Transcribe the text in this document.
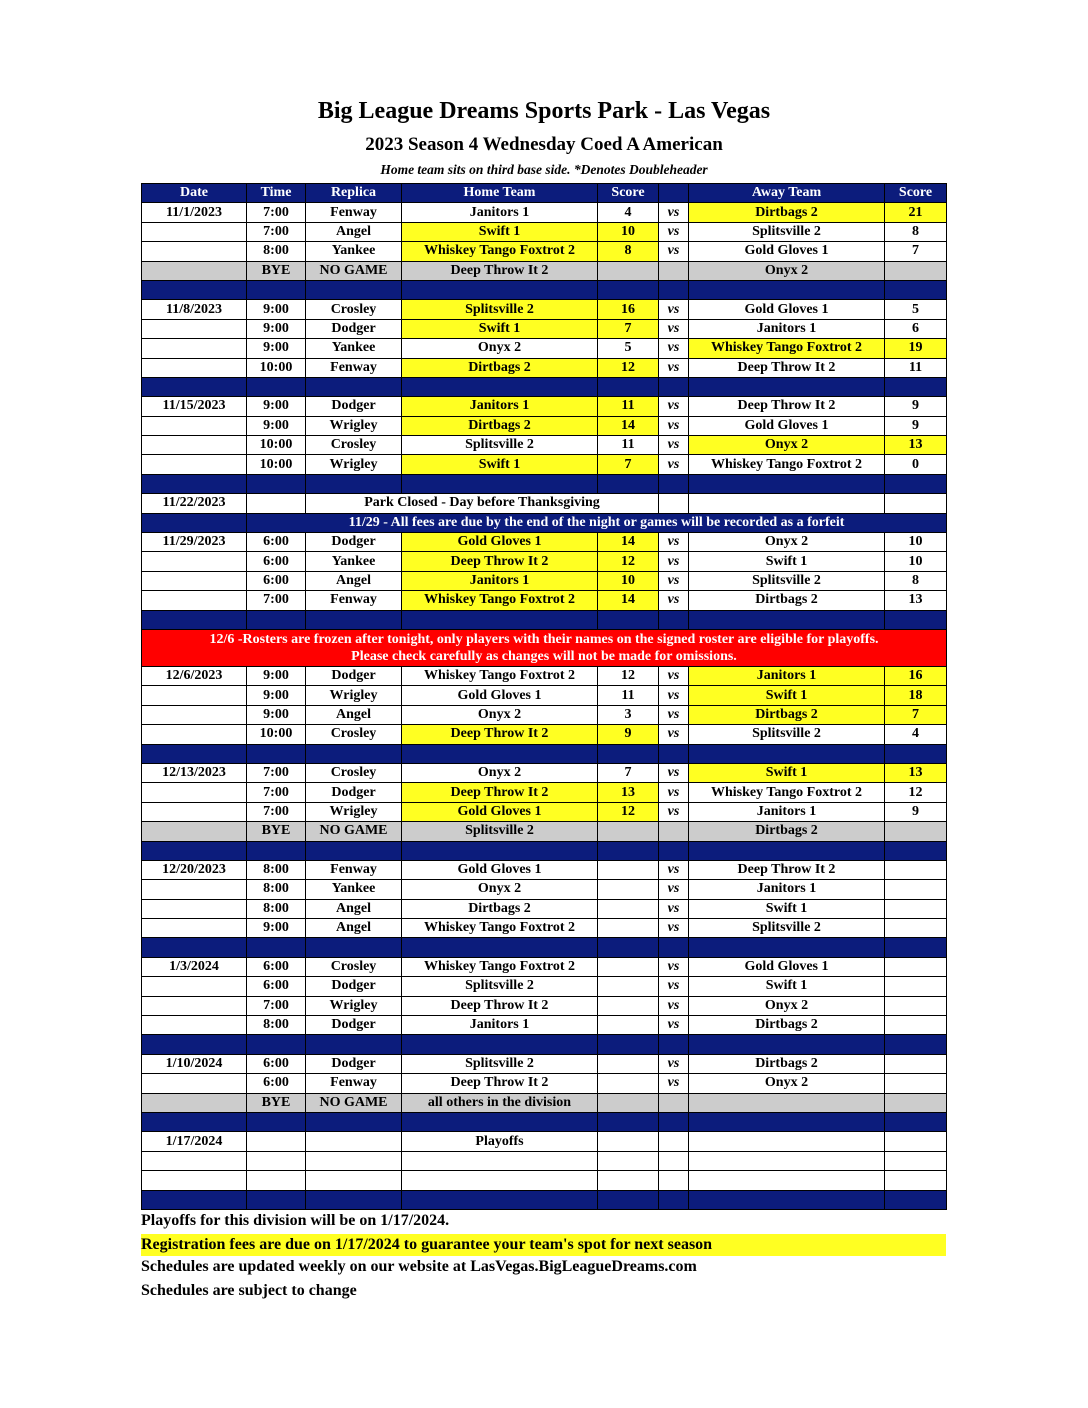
Big League Dreams Sports Park - Las Vegas
2023 Season 4 Wednesday Coed A American
Home team sits on third base side. *Denotes Doubleheader
Date	Time	Replica	Home Team	Score		Away Team	Score
11/1/2023	7:00	Fenway	Janitors 1	4	vs	Dirtbags 2	21
	7:00	Angel	Swift 1	10	vs	Splitsville 2	8
	8:00	Yankee	Whiskey Tango Foxtrot 2	8	vs	Gold Gloves 1	7
	BYE	NO GAME	Deep Throw It 2			Onyx 2	

11/8/2023	9:00	Crosley	Splitsville 2	16	vs	Gold Gloves 1	5
	9:00	Dodger	Swift 1	7	vs	Janitors 1	6
	9:00	Yankee	Onyx 2	5	vs	Whiskey Tango Foxtrot 2	19
	10:00	Fenway	Dirtbags 2	12	vs	Deep Throw It 2	11

11/15/2023	9:00	Dodger	Janitors 1	11	vs	Deep Throw It 2	9
	9:00	Wrigley	Dirtbags 2	14	vs	Gold Gloves 1	9
	10:00	Crosley	Splitsville 2	11	vs	Onyx 2	13
	10:00	Wrigley	Swift 1	7	vs	Whiskey Tango Foxtrot 2	0

11/22/2023		Park Closed - Day before Thanksgiving					
	11/29 - All fees are due by the end of the night or games will be recorded as a forfeit						
11/29/2023	6:00	Dodger	Gold Gloves 1	14	vs	Onyx 2	10
	6:00	Yankee	Deep Throw It 2	12	vs	Swift 1	10
	6:00	Angel	Janitors 1	10	vs	Splitsville 2	8
	7:00	Fenway	Whiskey Tango Foxtrot 2	14	vs	Dirtbags 2	13

12/6 -Rosters are frozen after tonight, only players with their names on the signed roster are eligible for playoffs.
Please check carefully as changes will not be made for omissions.							

12/6/2023	9:00	Dodger	Whiskey Tango Foxtrot 2	12	vs	Janitors 1	16
	9:00	Wrigley	Gold Gloves 1	11	vs	Swift 1	18
	9:00	Angel	Onyx 2	3	vs	Dirtbags 2	7
	10:00	Crosley	Deep Throw It 2	9	vs	Splitsville 2	4

12/13/2023	7:00	Crosley	Onyx 2	7	vs	Swift 1	13
	7:00	Dodger	Deep Throw It 2	13	vs	Whiskey Tango Foxtrot 2	12
	7:00	Wrigley	Gold Gloves 1	12	vs	Janitors 1	9
	BYE	NO GAME	Splitsville 2			Dirtbags 2	

12/20/2023	8:00	Fenway	Gold Gloves 1		vs	Deep Throw It 2	
	8:00	Yankee	Onyx 2		vs	Janitors 1	
	8:00	Angel	Dirtbags 2		vs	Swift 1	
	9:00	Angel	Whiskey Tango Foxtrot 2		vs	Splitsville 2	

1/3/2024	6:00	Crosley	Whiskey Tango Foxtrot 2		vs	Gold Gloves 1	
	6:00	Dodger	Splitsville 2		vs	Swift 1	
	7:00	Wrigley	Deep Throw It 2		vs	Onyx 2	
	8:00	Dodger	Janitors 1		vs	Dirtbags 2	

1/10/2024	6:00	Dodger	Splitsville 2		vs	Dirtbags 2	
	6:00	Fenway	Deep Throw It 2		vs	Onyx 2	
	BYE	NO GAME	all others in the division				

1/17/2024			Playoffs				

Playoffs for this division will be on 1/17/2024.
Registration fees are due on 1/17/2024 to guarantee your team's spot for next season
Schedules are updated weekly on our website at LasVegas.BigLeagueDreams.com
Schedules are subject to change
